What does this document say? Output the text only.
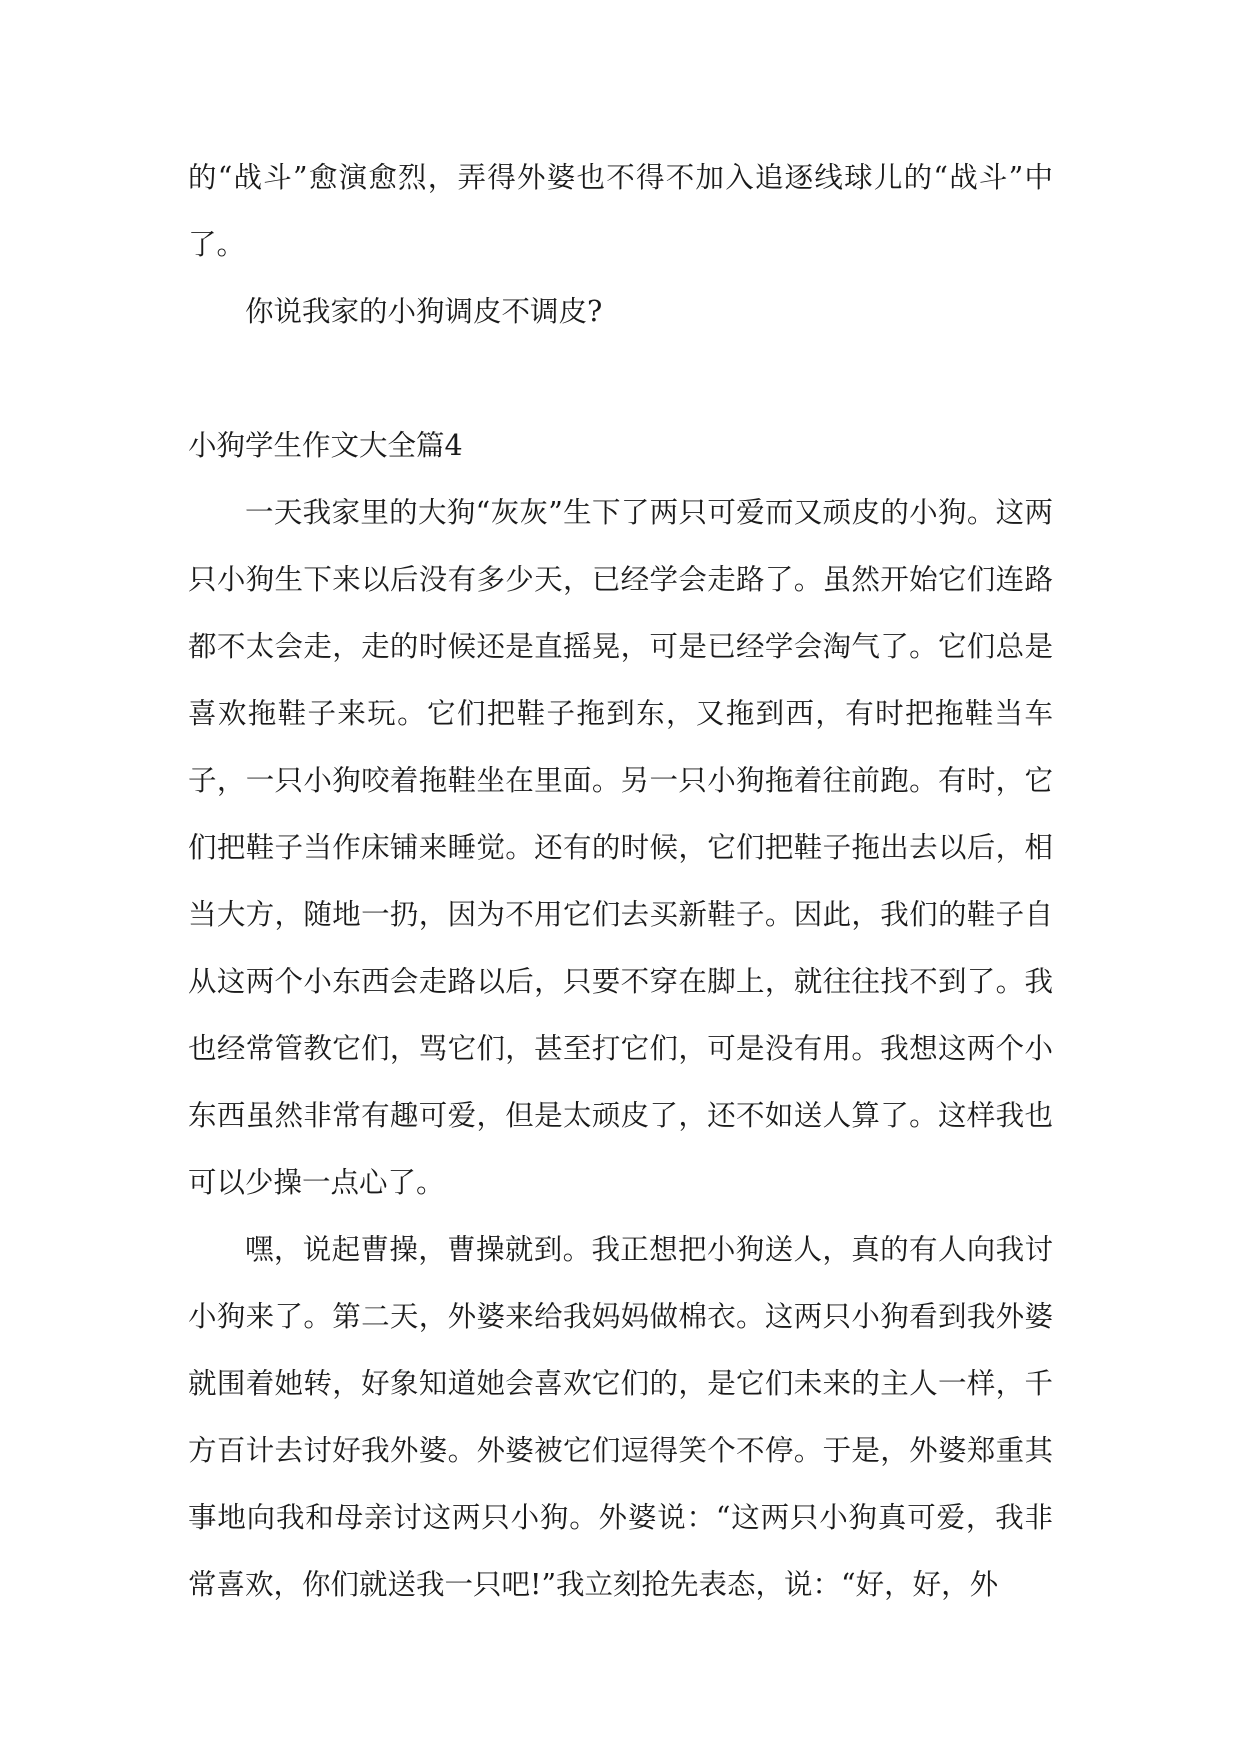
的“战斗”愈演愈烈，弄得外婆也不得不加入追逐线球儿的“战斗”中了。

你说我家的小狗调皮不调皮?

小狗学生作文大全篇4

一天我家里的大狗“灰灰”生下了两只可爱而又顽皮的小狗。这两只小狗生下来以后没有多少天，已经学会走路了。虽然开始它们连路都不太会走，走的时候还是直摇晃，可是已经学会淘气了。它们总是喜欢拖鞋子来玩。它们把鞋子拖到东，又拖到西，有时把拖鞋当车子，一只小狗咬着拖鞋坐在里面。另一只小狗拖着往前跑。有时，它们把鞋子当作床铺来睡觉。还有的时候，它们把鞋子拖出去以后，相当大方，随地一扔，因为不用它们去买新鞋子。因此，我们的鞋子自从这两个小东西会走路以后，只要不穿在脚上，就往往找不到了。我也经常管教它们，骂它们，甚至打它们，可是没有用。我想这两个小东西虽然非常有趣可爱，但是太顽皮了，还不如送人算了。这样我也可以少操一点心了。

嘿，说起曹操，曹操就到。我正想把小狗送人，真的有人向我讨小狗来了。第二天，外婆来给我妈妈做棉衣。这两只小狗看到我外婆就围着她转，好象知道她会喜欢它们的，是它们未来的主人一样，千方百计去讨好我外婆。外婆被它们逗得笑个不停。于是，外婆郑重其事地向我和母亲讨这两只小狗。外婆说：“这两只小狗真可爱，我非常喜欢，你们就送我一只吧!”我立刻抢先表态，说：“好，好，外
